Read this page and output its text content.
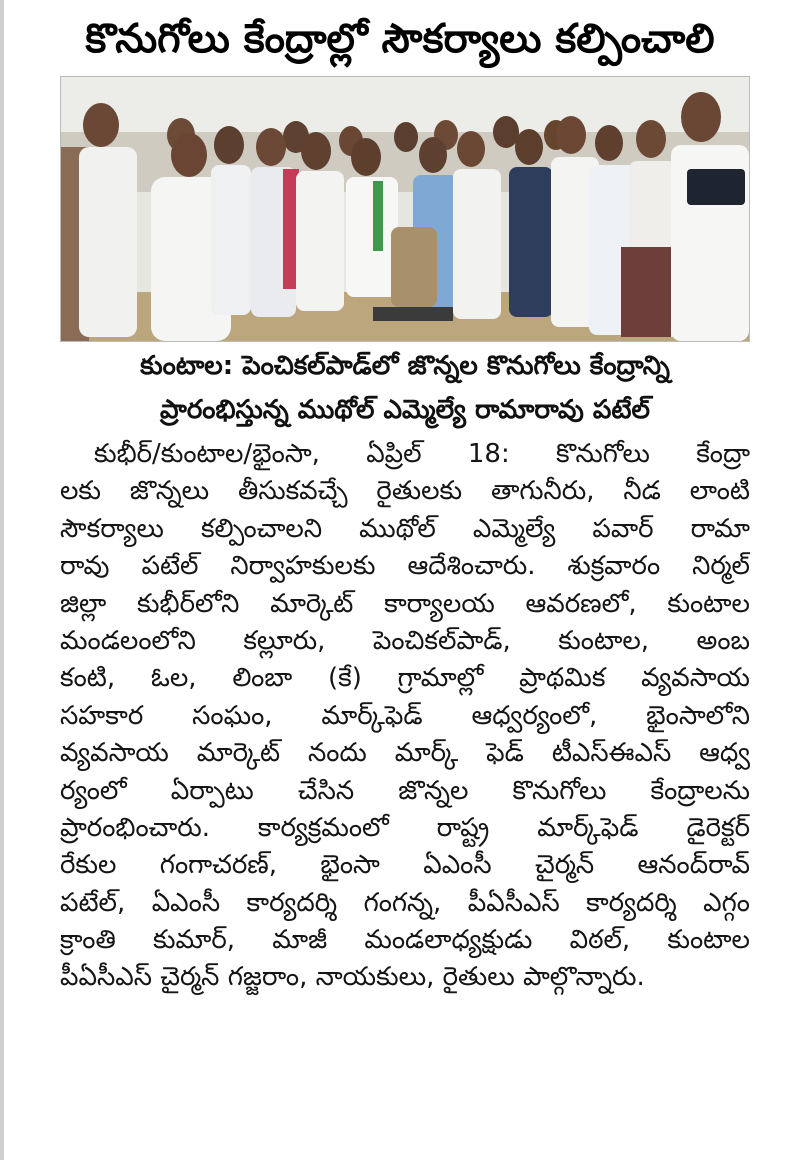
కొనుగోలు కేంద్రాల్లో సౌకర్యాలు కల్పించాలి
కుంటాల: పెంచికల్‌పాడ్‌లో జొన్నల కొనుగోలు కేంద్రాన్ని
ప్రారంభిస్తున్న ముథోల్ ఎమ్మెల్యే రామారావు పటేల్
కుభీర్/కుంటాల/భైంసా, ఏప్రిల్ 18: కొనుగోలు కేంద్రా
లకు జొన్నలు తీసుకవచ్చే రైతులకు తాగునీరు, నీడ లాంటి
సౌకర్యాలు కల్పించాలని ముథోల్ ఎమ్మెల్యే పవార్ రామా
రావు పటేల్ నిర్వాహకులకు ఆదేశించారు. శుక్రవారం నిర్మల్
జిల్లా కుభీర్‌లోని మార్కెట్ కార్యాలయ ఆవరణలో, కుంటాల
మండలంలోని కల్లూరు, పెంచికల్‌పాడ్, కుంటాల, అంబ
కంటి, ఓల, లింబా (కే) గ్రామాల్లో ప్రాథమిక వ్యవసాయ
సహకార సంఘం, మార్క్‌ఫెడ్ ఆధ్వర్యంలో, భైంసాలోని
వ్యవసాయ మార్కెట్ నందు మార్క్ ఫెడ్ టీఎస్ఈఎస్ ఆధ్వ
ర్యంలో ఏర్పాటు చేసిన జొన్నల కొనుగోలు కేంద్రాలను
ప్రారంభించారు. కార్యక్రమంలో రాష్ట్ర మార్క్‌ఫెడ్ డైరెక్టర్
రేకుల గంగాచరణ్, భైంసా ఏఎంసీ చైర్మన్ ఆనంద్‌రావ్
పటేల్, ఏఎంసీ కార్యదర్శి గంగన్న, పీఏసీఎస్ కార్యదర్శి ఎగ్గం
క్రాంతి కుమార్, మాజీ మండలాధ్యక్షుడు విఠల్, కుంటాల
పీఏసీఎస్ చైర్మన్ గజ్జరాం, నాయకులు, రైతులు పాల్గొన్నారు.
